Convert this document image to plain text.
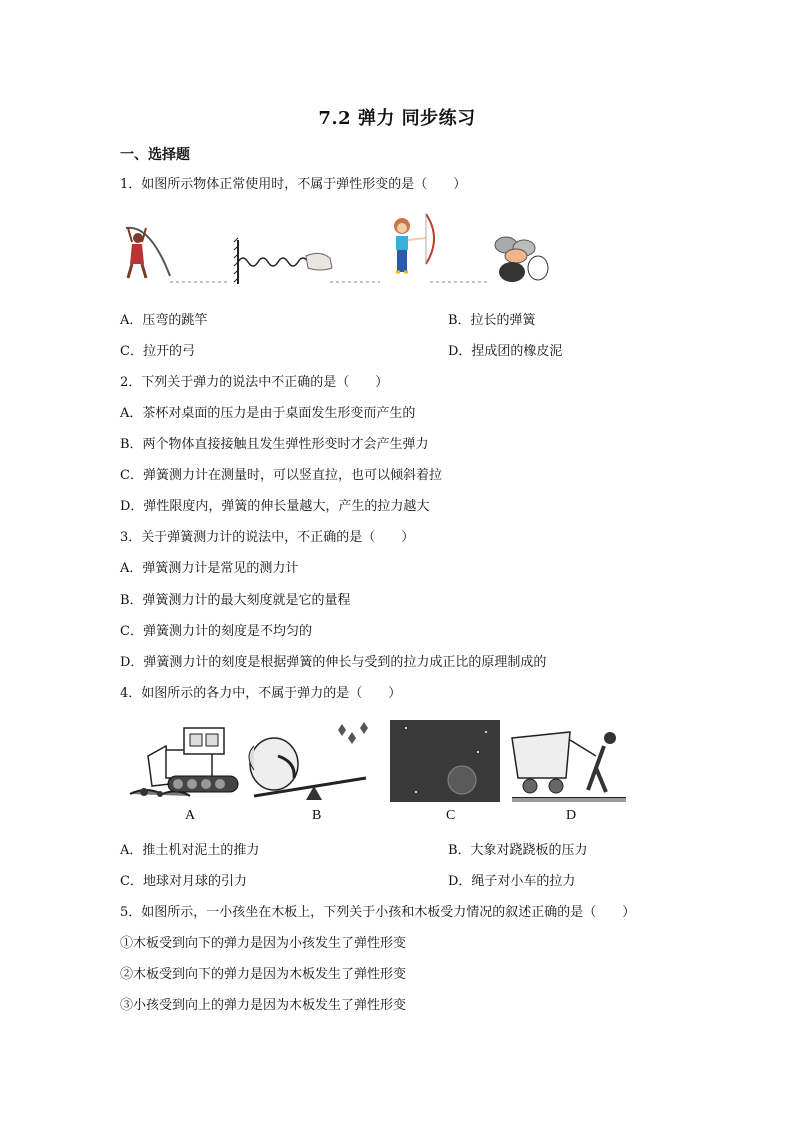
7.2 弹力 同步练习
一、选择题
1．如图所示物体正常使用时，不属于弹性形变的是（　　）
A．压弯的跳竿	B．拉长的弹簧
C．拉开的弓	D．捏成团的橡皮泥
2．下列关于弹力的说法中不正确的是（　　）
A．茶杯对桌面的压力是由于桌面发生形变而产生的
B．两个物体直接接触且发生弹性形变时才会产生弹力
C．弹簧测力计在测量时，可以竖直拉，也可以倾斜着拉
D．弹性限度内，弹簧的伸长量越大，产生的拉力越大
3．关于弹簧测力计的说法中，不正确的是（　　）
A．弹簧测力计是常见的测力计
B．弹簧测力计的最大刻度就是它的量程
C．弹簧测力计的刻度是不均匀的
D．弹簧测力计的刻度是根据弹簧的伸长与受到的拉力成正比的原理制成的
4．如图所示的各力中，不属于弹力的是（　　）
A	B	C	D
A．推土机对泥土的推力	B．大象对跷跷板的压力
C．地球对月球的引力	D．绳子对小车的拉力
5．如图所示，一小孩坐在木板上，下列关于小孩和木板受力情况的叙述正确的是（　　）
①木板受到向下的弹力是因为小孩发生了弹性形变
②木板受到向下的弹力是因为木板发生了弹性形变
③小孩受到向上的弹力是因为木板发生了弹性形变
